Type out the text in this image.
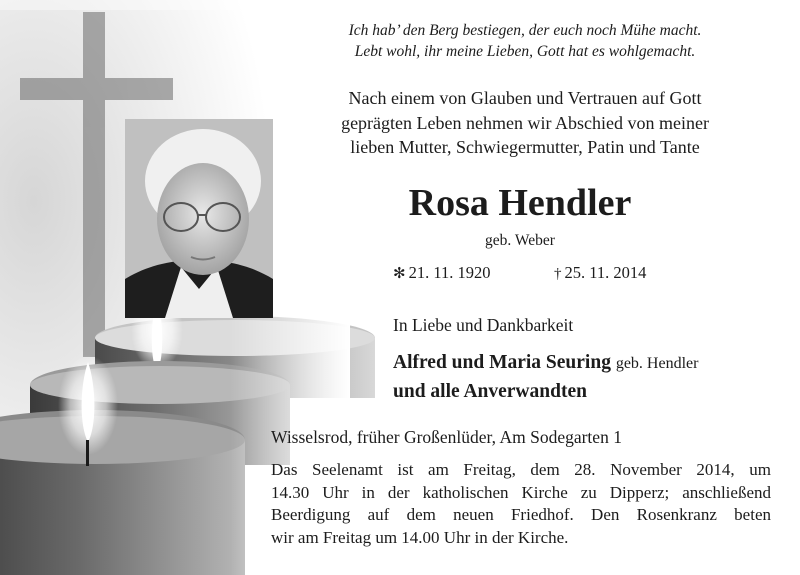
Ich hab’ den Berg bestiegen, der euch noch Mühe macht.
Lebt wohl, ihr meine Lieben, Gott hat es wohlgemacht.
Nach einem von Glauben und Vertrauen auf Gott
geprägten Leben nehmen wir Abschied von meiner
lieben Mutter, Schwiegermutter, Patin und Tante
Rosa Hendler
geb. Weber
✻ 21. 11. 1920	† 25. 11. 2014
In Liebe und Dankbarkeit
Alfred und Maria Seuring geb. Hendler
und alle Anverwandten
Wisselsrod, früher Großenlüder, Am Sodegarten 1
Das Seelenamt ist am Freitag, dem 28. November 2014, um
14.30 Uhr in der katholischen Kirche zu Dipperz; anschließend
Beerdigung auf dem neuen Friedhof. Den Rosenkranz beten
wir am Freitag um 14.00 Uhr in der Kirche.
